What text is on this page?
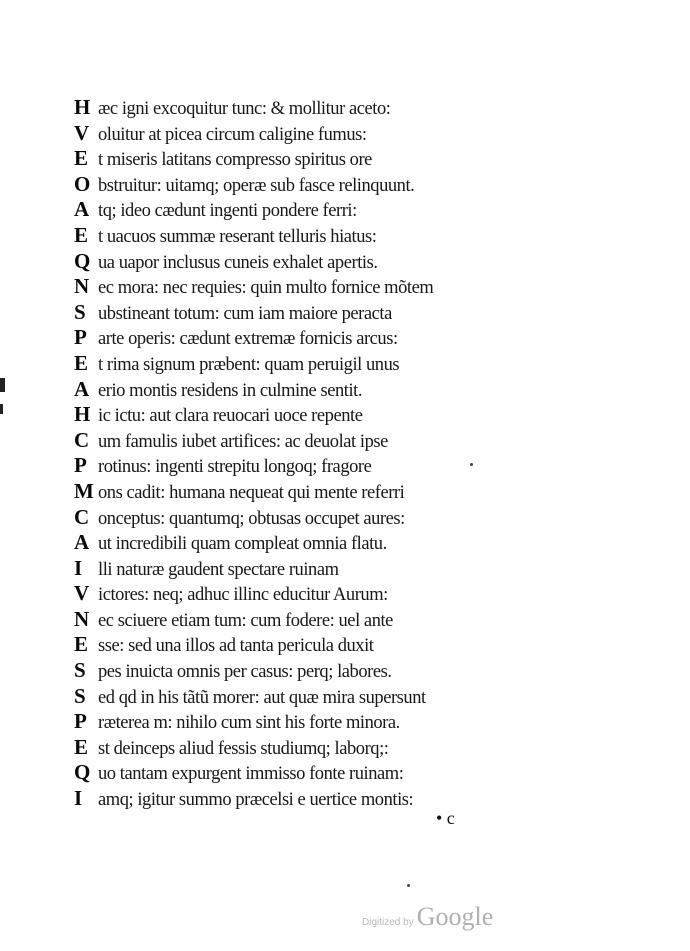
H æc igni excoquitur tunc: & mollitur aceto:
V oluitur at picea circum caligine fumus:
E t miseris latitans compresso spiritus ore
O bstruitur: uitamq; operæ sub fasce relinquunt.
A tq; ideo cædunt ingenti pondere ferri:
E t uacuos summæ reserant telluris hiatus:
Q ua uapor inclusus cuneis exhalet apertis.
N ec mora: nec requies: quin multo fornice mõtem
S ubstineant totum: cum iam maiore peracta
P arte operis: cædunt extremæ fornicis arcus:
E t rima signum præbent: quam peruigil unus
A erio montis residens in culmine sentit.
H ic ictu: aut clara reuocari uoce repente
C um famulis iubet artifices: ac deuolat ipse
P rotinus: ingenti strepitu longoq; fragore
M ons cadit: humana nequeat qui mente referri
C onceptus: quantumq; obtusas occupet aures:
A ut incredibili quam compleat omnia flatu.
I lli naturæ gaudent spectare ruinam
V ictores: neq; adhuc illinc educitur Aurum:
N ec sciuere etiam tum: cum fodere: uel ante
E sse: sed una illos ad tanta pericula duxit
S pes inuicta omnis per casus: perq; labores.
S ed qd in his tãtũ morer: aut quæ mira supersunt
P ræterea m: nihilo cum sint his forte minora.
E st deinceps aliud fessis studiumq; laborq;:
Q uo tantam expurgent immisso fonte ruinam:
I amq; igitur summo præcelsi e uertice montis:
• c
Digitized by Google
